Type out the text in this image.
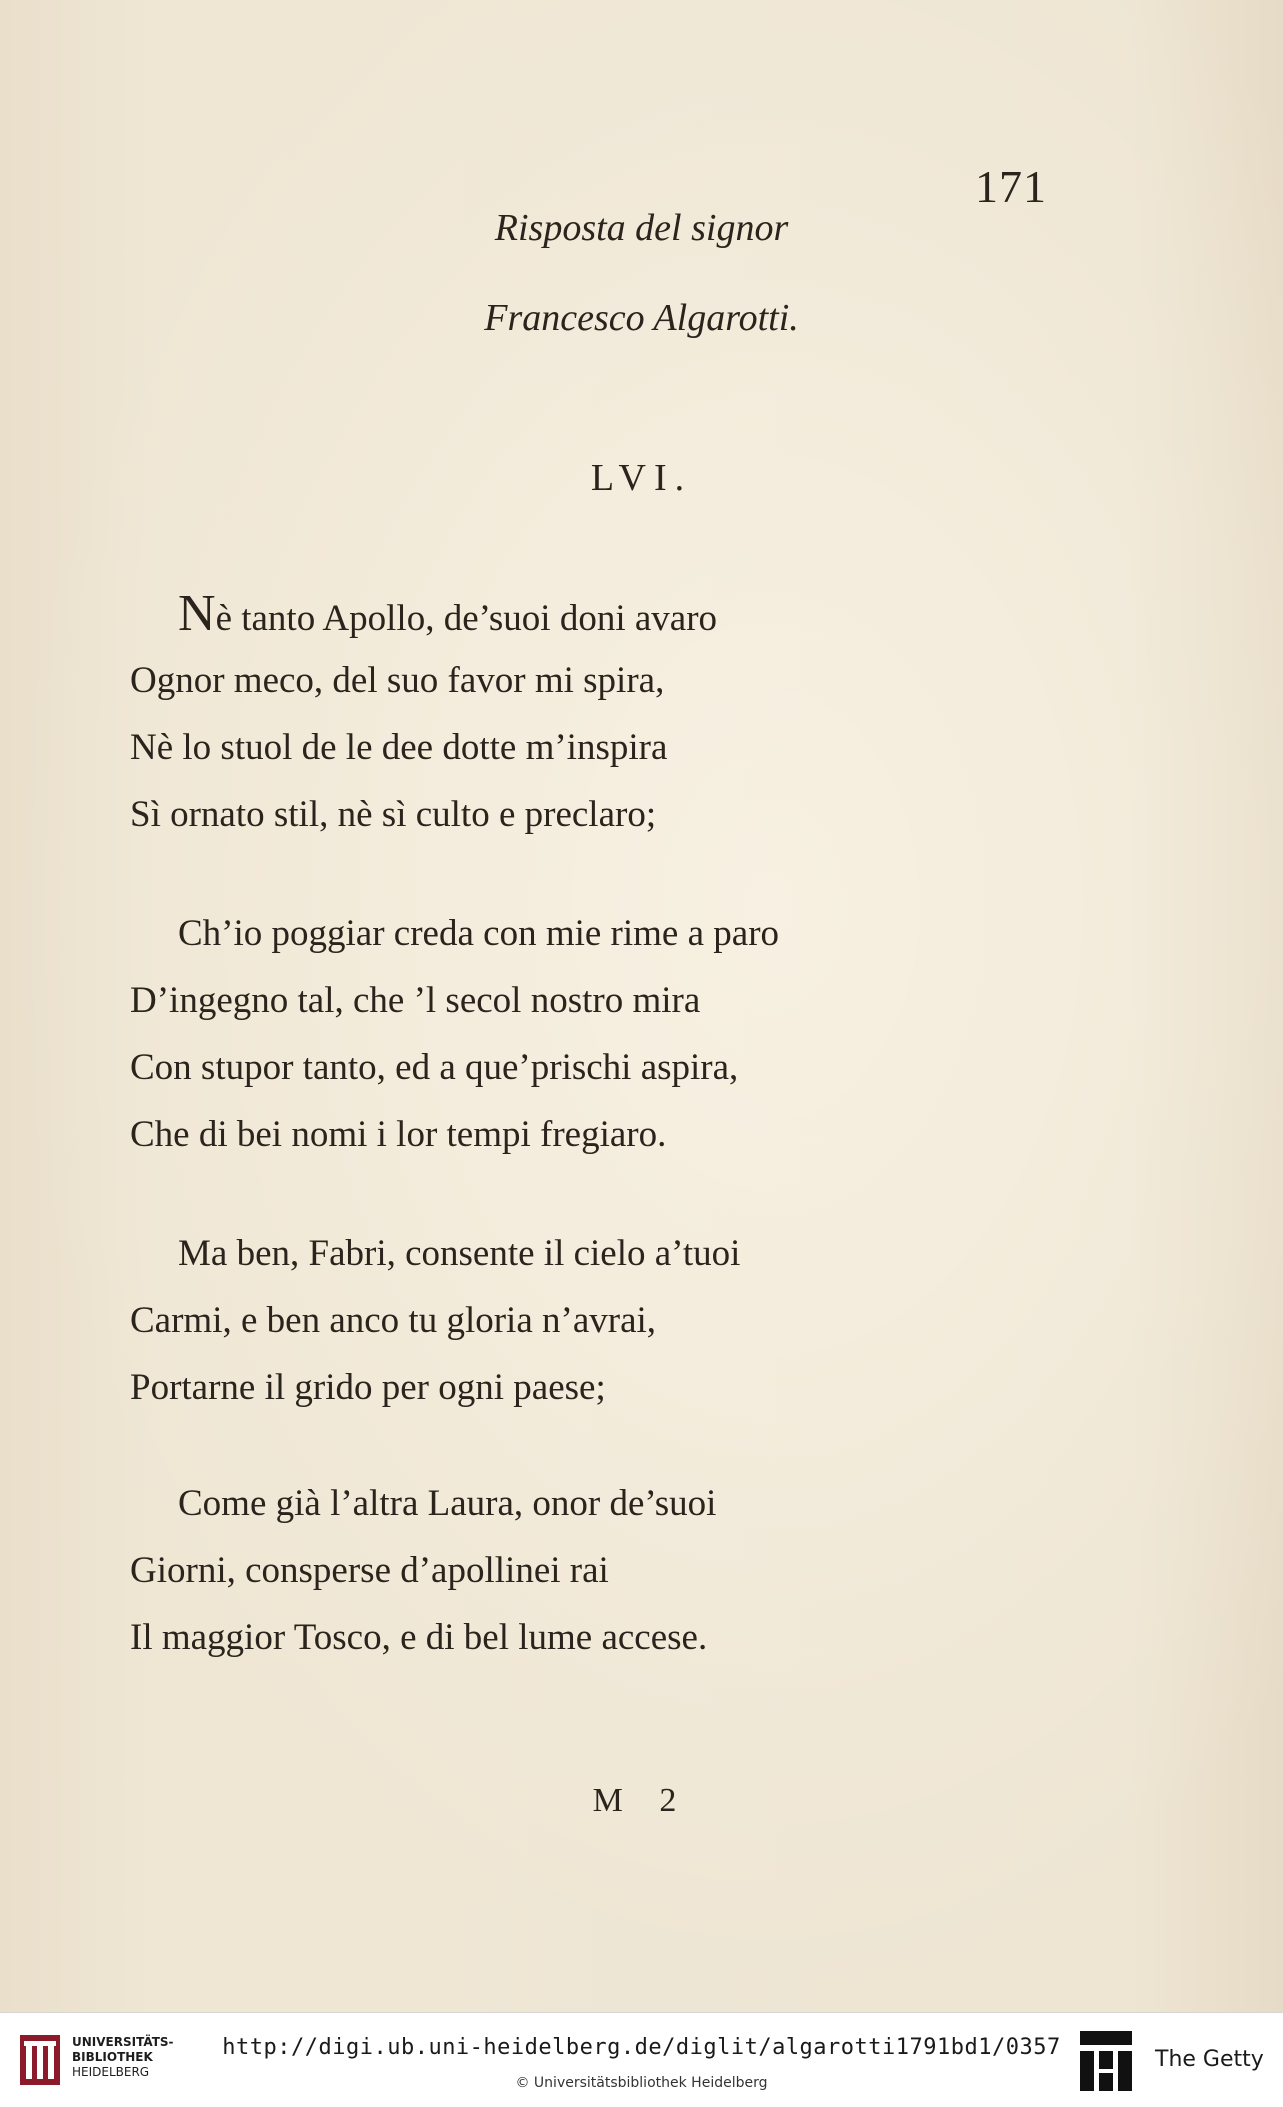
171
Risposta del signor
Francesco Algarotti.
LVI.
Nè tanto Apollo, de’suoi doni avaro
Ognor meco, del suo favor mi spira,
Nè lo stuol de le dee dotte m’inspira
Sì ornato stil, nè sì culto e preclaro;
Ch’io poggiar creda con mie rime a paro
D’ingegno tal, che ’l secol nostro mira
Con stupor tanto, ed a que’prischi aspira,
Che di bei nomi i lor tempi fregiaro.
Ma ben, Fabri, consente il cielo a’tuoi
Carmi, e ben anco tu gloria n’avrai,
Portarne il grido per ogni paese;
Come già l’altra Laura, onor de’suoi
Giorni, consperse d’apollinei rai
Il maggior Tosco, e di bel lume accese.
M 2
UNIVERSITÄTS-
BIBLIOTHEK
HEIDELBERG
http://digi.ub.uni-heidelberg.de/diglit/algarotti1791bd1/0357
© Universitätsbibliothek Heidelberg
The Getty
